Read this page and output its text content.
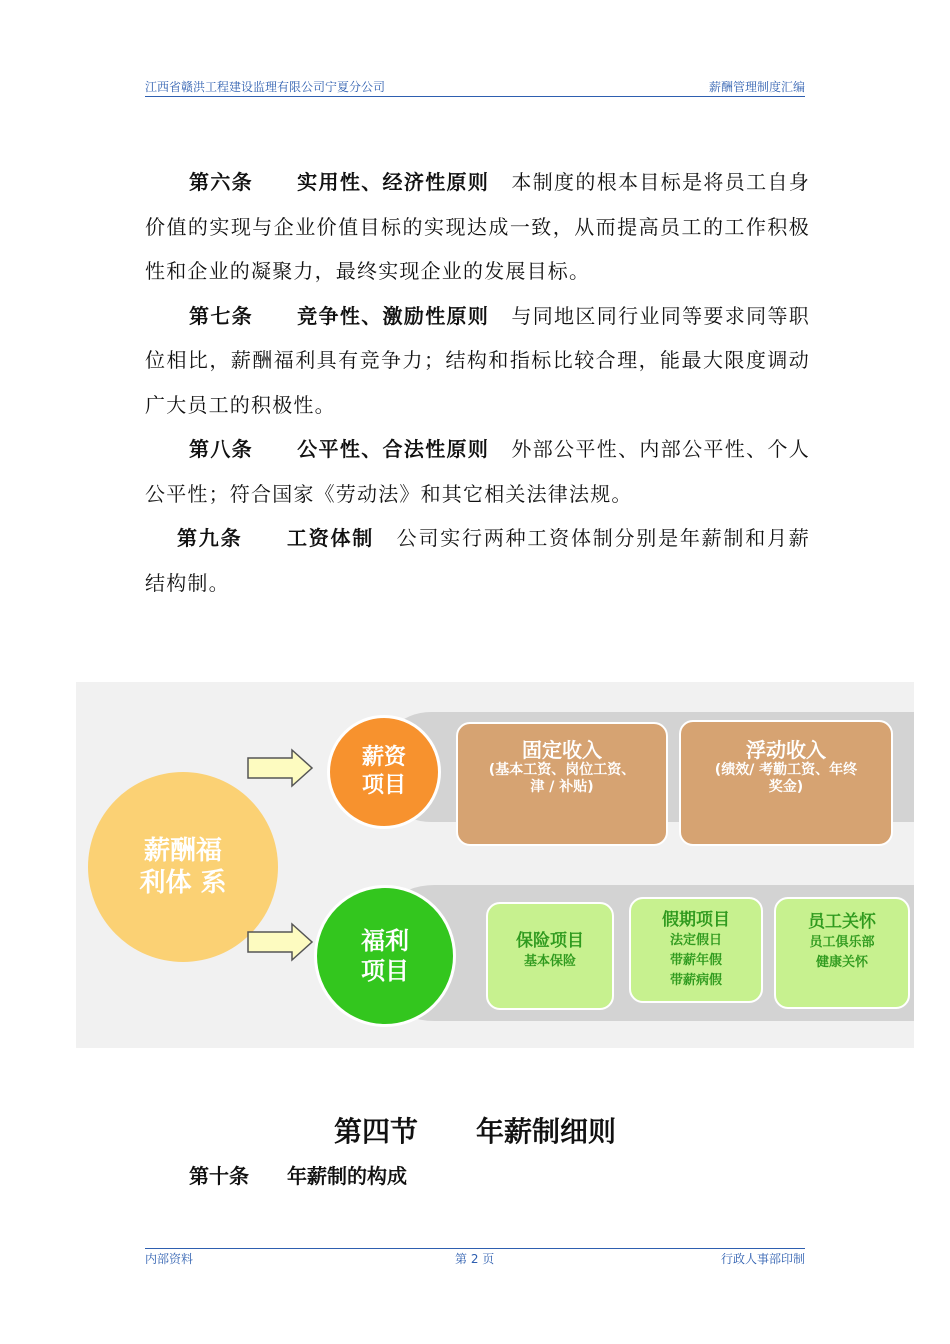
江西省赣洪工程建设监理有限公司宁夏分公司	薪酬管理制度汇编

第六条 实用性、经济性原则 本制度的根本目标是将员工自身价值的实现与企业价值目标的实现达成一致，从而提高员工的工作积极性和企业的凝聚力，最终实现企业的发展目标。

第七条 竞争性、激励性原则 与同地区同行业同等要求同等职位相比，薪酬福利具有竞争力；结构和指标比较合理，能最大限度调动广大员工的积极性。

第八条 公平性、合法性原则 外部公平性、内部公平性、个人公平性；符合国家《劳动法》和其它相关法律法规。

第九条 工资体制 公司实行两种工资体制分别是年薪制和月薪结构制。

薪酬福
利体 系
薪资
项目
福利
项目
固定收入
(基本工资、岗位工资、
津 / 补贴)
浮动收入
(绩效/ 考勤工资、年终
奖金)
保险项目
基本保险
假期项目
法定假日
带薪年假
带薪病假
员工关怀
员工俱乐部
健康关怀
第四节 年薪制细则
第十条 年薪制的构成
内部资料	第 2 页	行政人事部印制
